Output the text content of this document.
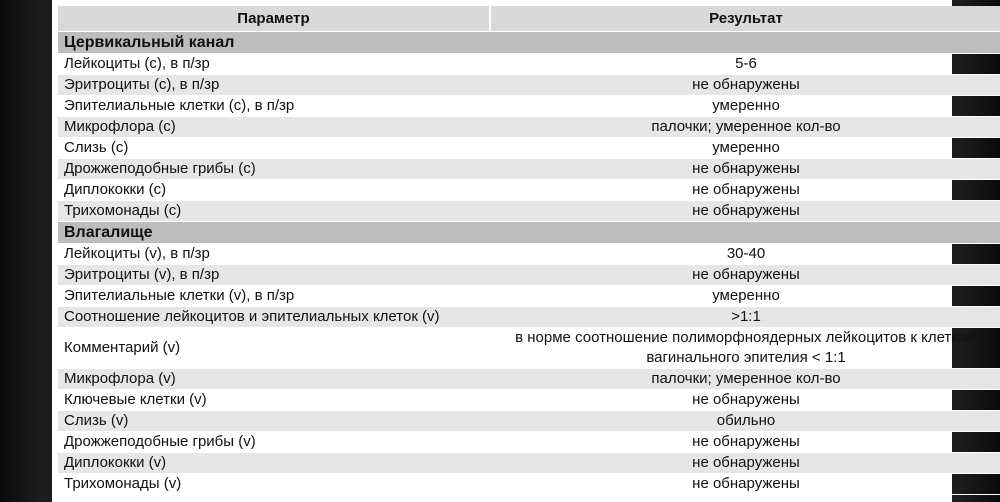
Параметр	Результат
Цервикальный канал	
Лейкоциты (c), в п/зр	5-6
Эритроциты (c), в п/зр	не обнаружены
Эпителиальные клетки (c), в п/зр	умеренно
Микрофлора (c)	палочки; умеренное кол-во
Слизь (c)	умеренно
Дрожжеподобные грибы (c)	не обнаружены
Диплококки (c)	не обнаружены
Трихомонады (c)	не обнаружены
Влагалище	
Лейкоциты (v), в п/зр	30-40
Эритроциты (v), в п/зр	не обнаружены
Эпителиальные клетки (v), в п/зр	умеренно
Соотношение лейкоцитов и эпителиальных клеток (v)	>1:1
Комментарий (v)	в норме соотношение полиморфноядерных лейкоцитов к клеткам вагинального эпителия < 1:1
Микрофлора (v)	палочки; умеренное кол-во
Ключевые клетки (v)	не обнаружены
Слизь (v)	обильно
Дрожжеподобные грибы (v)	не обнаружены
Диплококки (v)	не обнаружены
Трихомонады (v)	не обнаружены
